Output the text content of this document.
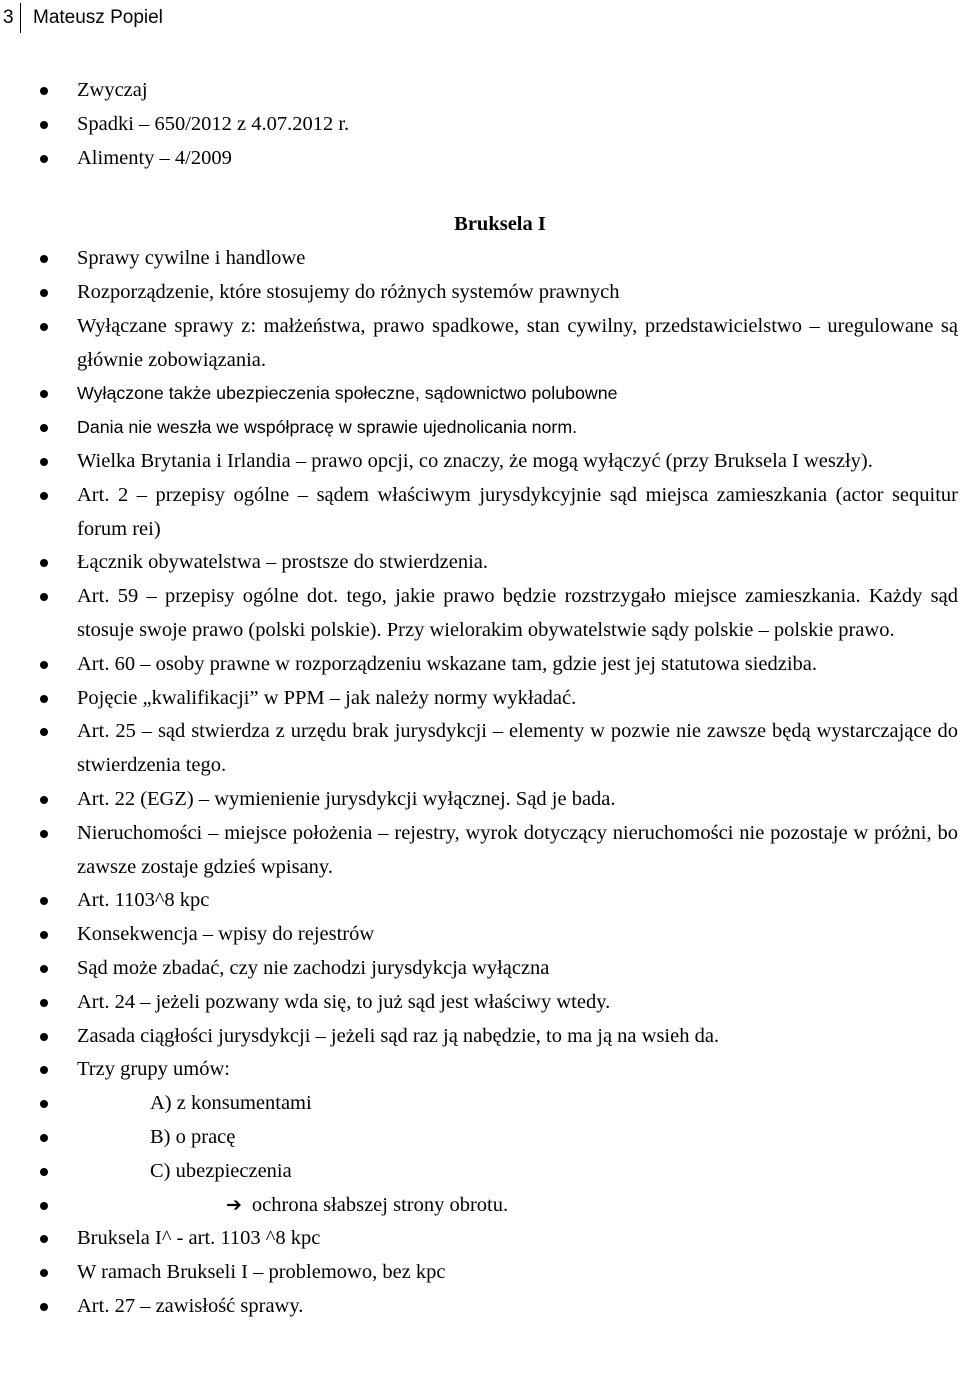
3 Mateusz Popiel
Zwyczaj
Spadki – 650/2012 z 4.07.2012 r.
Alimenty – 4/2009
Bruksela I
Sprawy cywilne i handlowe
Rozporządzenie, które stosujemy do różnych systemów prawnych
Wyłączane sprawy z: małżeństwa, prawo spadkowe, stan cywilny, przedstawicielstwo – uregulowane są głównie zobowiązania.
Wyłączone także ubezpieczenia społeczne, sądownictwo polubowne
Dania nie weszła we współpracę w sprawie ujednolicania norm.
Wielka Brytania i Irlandia – prawo opcji, co znaczy, że mogą wyłączyć (przy Bruksela I weszły).
Art. 2 – przepisy ogólne – sądem właściwym jurysdykcyjnie sąd miejsca zamieszkania (actor sequitur forum rei)
Łącznik obywatelstwa – prostsze do stwierdzenia.
Art. 59 – przepisy ogólne dot. tego, jakie prawo będzie rozstrzygało miejsce zamieszkania. Każdy sąd stosuje swoje prawo (polski polskie). Przy wielorakim obywatelstwie sądy polskie – polskie prawo.
Art. 60 – osoby prawne w rozporządzeniu wskazane tam, gdzie jest jej statutowa siedziba.
Pojęcie „kwalifikacji” w PPM – jak należy normy wykładać.
Art. 25 – sąd stwierdza z urzędu brak jurysdykcji – elementy w pozwie nie zawsze będą wystarczające do stwierdzenia tego.
Art. 22 (EGZ) – wymienienie jurysdykcji wyłącznej. Sąd je bada.
Nieruchomości – miejsce położenia – rejestry, wyrok dotyczący nieruchomości nie pozostaje w próżni, bo zawsze zostaje gdzieś wpisany.
Art. 1103^8 kpc
Konsekwencja – wpisy do rejestrów
Sąd może zbadać, czy nie zachodzi jurysdykcja wyłączna
Art. 24 – jeżeli pozwany wda się, to już sąd jest właściwy wtedy.
Zasada ciągłości jurysdykcji – jeżeli sąd raz ją nabędzie, to ma ją na wsieh da.
Trzy grupy umów:
A) z konsumentami
B) o pracę
C) ubezpieczenia
➔ ochrona słabszej strony obrotu.
Bruksela I^ - art. 1103 ^8 kpc
W ramach Brukseli I – problemowo, bez kpc
Art. 27 – zawisłość sprawy.
